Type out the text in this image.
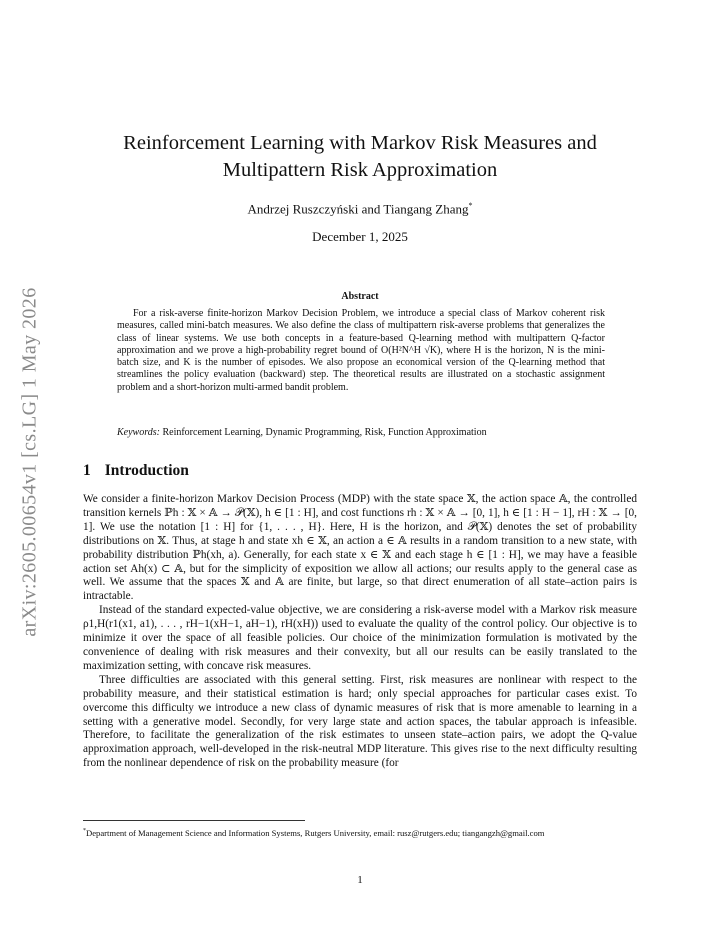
arXiv:2605.00654v1 [cs.LG] 1 May 2026
Reinforcement Learning with Markov Risk Measures and Multipattern Risk Approximation
Andrzej Ruszczyński and Tiangang Zhang*
December 1, 2025
Abstract

For a risk-averse finite-horizon Markov Decision Problem, we introduce a special class of Markov coherent risk measures, called mini-batch measures. We also define the class of multipattern risk-averse problems that generalizes the class of linear systems. We use both concepts in a feature-based Q-learning method with multipattern Q-factor approximation and we prove a high-probability regret bound of O(H²N^H √K), where H is the horizon, N is the mini-batch size, and K is the number of episodes. We also propose an economical version of the Q-learning method that streamlines the policy evaluation (backward) step. The theoretical results are illustrated on a stochastic assignment problem and a short-horizon multi-armed bandit problem.

Keywords: Reinforcement Learning, Dynamic Programming, Risk, Function Approximation
1 Introduction

We consider a finite-horizon Markov Decision Process (MDP) with the state space 𝕏, the action space 𝔸, the controlled transition kernels ℙh : 𝕏 × 𝔸 → 𝒫(𝕏), h ∈ [1 : H], and cost functions rh : 𝕏 × 𝔸 → [0, 1], h ∈ [1 : H − 1], rH : 𝕏 → [0, 1]. We use the notation [1 : H] for {1, . . . , H}. Here, H is the horizon, and 𝒫(𝕏) denotes the set of probability distributions on 𝕏. Thus, at stage h and state xh ∈ 𝕏, an action a ∈ 𝔸 results in a random transition to a new state, with probability distribution ℙh(xh, a). Generally, for each state x ∈ 𝕏 and each stage h ∈ [1 : H], we may have a feasible action set Ah(x) ⊂ 𝔸, but for the simplicity of exposition we allow all actions; our results apply to the general case as well. We assume that the spaces 𝕏 and 𝔸 are finite, but large, so that direct enumeration of all state–action pairs is intractable.

Instead of the standard expected-value objective, we are considering a risk-averse model with a Markov risk measure ρ1,H(r1(x1, a1), . . . , rH−1(xH−1, aH−1), rH(xH)) used to evaluate the quality of the control policy. Our objective is to minimize it over the space of all feasible policies. Our choice of the minimization formulation is motivated by the convenience of dealing with risk measures and their convexity, but all our results can be easily translated to the maximization setting, with concave risk measures.

Three difficulties are associated with this general setting. First, risk measures are nonlinear with respect to the probability measure, and their statistical estimation is hard; only special approaches for particular cases exist. To overcome this difficulty we introduce a new class of dynamic measures of risk that is more amenable to learning in a setting with a generative model. Secondly, for very large state and action spaces, the tabular approach is infeasible. Therefore, to facilitate the generalization of the risk estimates to unseen state–action pairs, we adopt the Q-value approximation approach, well-developed in the risk-neutral MDP literature. This gives rise to the next difficulty resulting from the nonlinear dependence of risk on the probability measure (for

*Department of Management Science and Information Systems, Rutgers University, email: rusz@rutgers.edu; tiangangzh@gmail.com
1
